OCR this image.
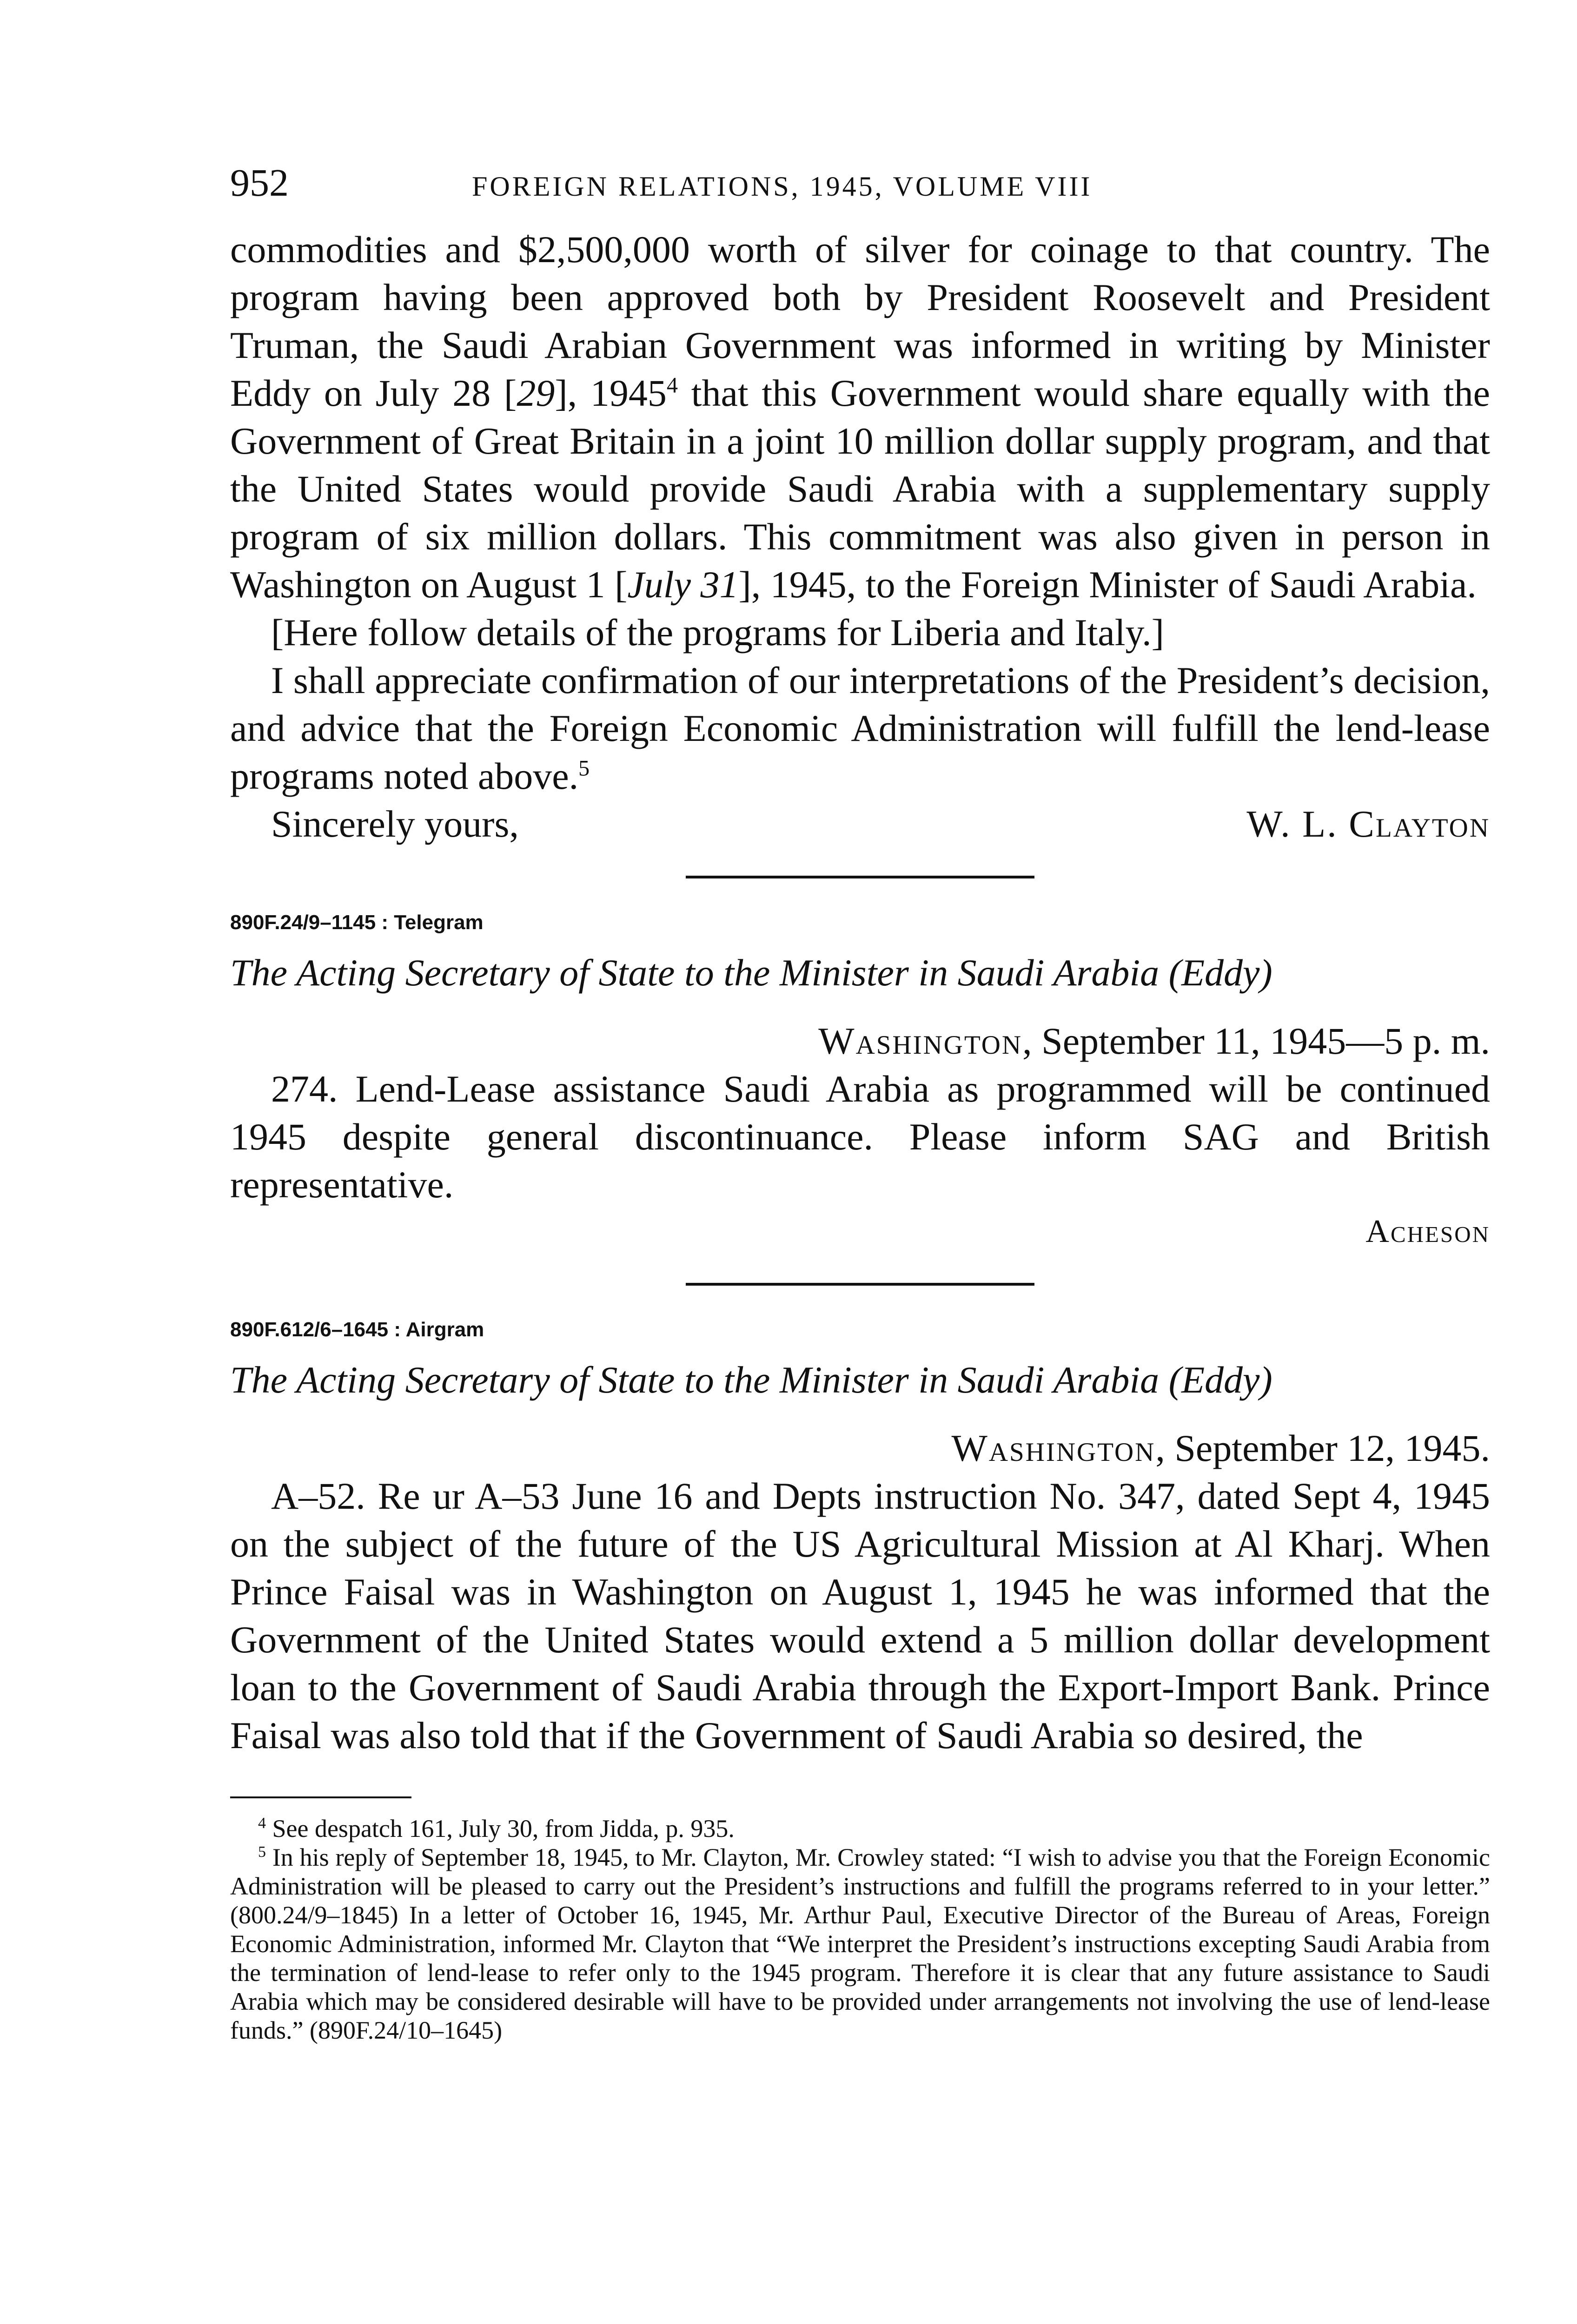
952	FOREIGN RELATIONS, 1945, VOLUME VIII

commodities and $2,500,000 worth of silver for coinage to that country. The program having been approved both by President Roosevelt and President Truman, the Saudi Arabian Government was informed in writing by Minister Eddy on July 28 [29], 1945$^4$ that this Government would share equally with the Government of Great Britain in a joint 10 million dollar supply program, and that the United States would provide Saudi Arabia with a supplementary supply program of six million dollars. This commitment was also given in person in Washington on August 1 [July 31], 1945, to the Foreign Minister of Saudi Arabia.

[Here follow details of the programs for Liberia and Italy.]

I shall appreciate confirmation of our interpretations of the President’s decision, and advice that the Foreign Economic Administration will fulfill the lend-lease programs noted above.$^5$

Sincerely yours,	W. L. Clayton
890F.24/9–1145 : Telegram
The Acting Secretary of State to the Minister in Saudi Arabia (Eddy)
Washington, September 11, 1945—5 p. m.

274. Lend-Lease assistance Saudi Arabia as programmed will be continued 1945 despite general discontinuance. Please inform SAG and British representative.

Acheson
890F.612/6–1645 : Airgram
The Acting Secretary of State to the Minister in Saudi Arabia (Eddy)
Washington, September 12, 1945.

A–52. Re ur A–53 June 16 and Depts instruction No. 347, dated Sept 4, 1945 on the subject of the future of the US Agricultural Mission at Al Kharj. When Prince Faisal was in Washington on August 1, 1945 he was informed that the Government of the United States would extend a 5 million dollar development loan to the Government of Saudi Arabia through the Export-Import Bank. Prince Faisal was also told that if the Government of Saudi Arabia so desired, the

$^4$ See despatch 161, July 30, from Jidda, p. 935.

$^5$ In his reply of September 18, 1945, to Mr. Clayton, Mr. Crowley stated: “I wish to advise you that the Foreign Economic Administration will be pleased to carry out the President’s instructions and fulfill the programs referred to in your letter.” (800.24/9–1845) In a letter of October 16, 1945, Mr. Arthur Paul, Executive Director of the Bureau of Areas, Foreign Economic Administration, informed Mr. Clayton that “We interpret the President’s instructions excepting Saudi Arabia from the termination of lend-lease to refer only to the 1945 program. Therefore it is clear that any future assistance to Saudi Arabia which may be considered desirable will have to be provided under arrangements not involving the use of lend-lease funds.” (890F.24/10–1645)
